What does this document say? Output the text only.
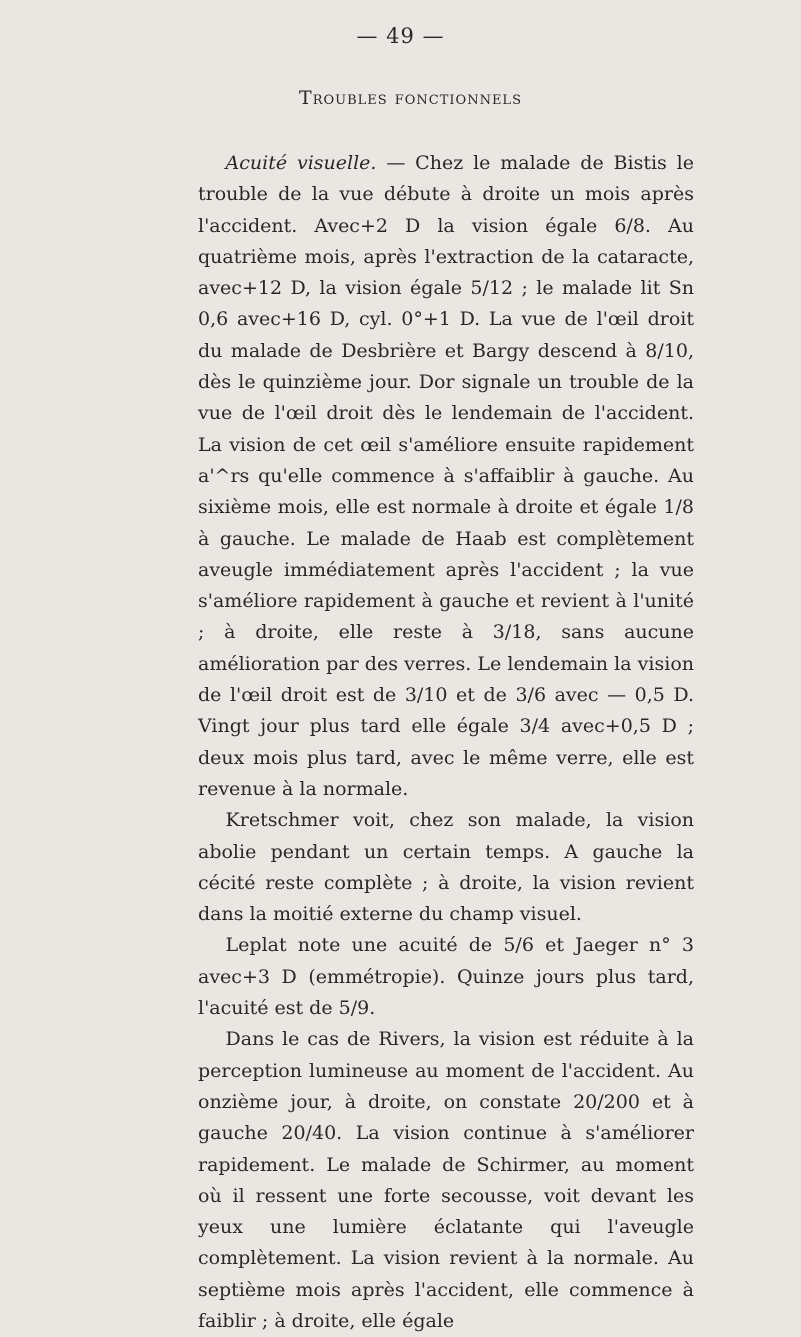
— 49 —
Troubles fonctionnels

Acuité visuelle. — Chez le malade de Bistis le trouble de la vue débute à droite un mois après l'accident. Avec+2 D la vision égale 6/8. Au quatrième mois, après l'extraction de la cataracte, avec+12 D, la vision égale 5/12 ; le malade lit Sn 0,6 avec+16 D, cyl. 0°+1 D. La vue de l'œil droit du malade de Desbrière et Bargy descend à 8/10, dès le quinzième jour. Dor signale un trouble de la vue de l'œil droit dès le lendemain de l'accident. La vision de cet œil s'améliore ensuite rapidement a'^rs qu'elle commence à s'affaiblir à gauche. Au sixième mois, elle est normale à droite et égale 1/8 à gauche. Le malade de Haab est complètement aveugle immédiatement après l'accident ; la vue s'améliore rapidement à gauche et revient à l'unité ; à droite, elle reste à 3/18, sans aucune amélioration par des verres. Le lendemain la vision de l'œil droit est de 3/10 et de 3/6 avec — 0,5 D. Vingt jour plus tard elle égale 3/4 avec+0,5 D ; deux mois plus tard, avec le même verre, elle est revenue à la normale.

Kretschmer voit, chez son malade, la vision abolie pendant un certain temps. A gauche la cécité reste complète ; à droite, la vision revient dans la moitié externe du champ visuel.

Leplat note une acuité de 5/6 et Jaeger n° 3 avec+3 D (emmétropie). Quinze jours plus tard, l'acuité est de 5/9.

Dans le cas de Rivers, la vision est réduite à la perception lumineuse au moment de l'accident. Au onzième jour, à droite, on constate 20/200 et à gauche 20/40. La vision continue à s'améliorer rapidement. Le malade de Schirmer, au moment où il ressent une forte secousse, voit devant les yeux une lumière éclatante qui l'aveugle complètement. La vision revient à la normale. Au septième mois après l'accident, elle commence à faiblir ; à droite, elle égale
